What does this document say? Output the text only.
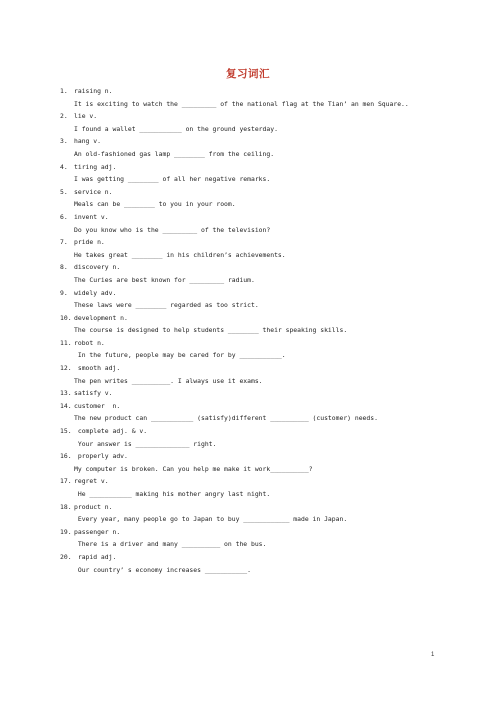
复习词汇
1. raising n.
It is exciting to watch the _________ of the national flag at the Tian’ an men Square..
2. lie v.
I found a wallet ___________ on the ground yesterday.
3. hang v.
An old-fashioned gas lamp ________ from the ceiling.
4. tiring adj.
I was getting ________ of all her negative remarks.
5. service n.
Meals can be ________ to you in your room.
6. invent v.
Do you know who is the _________ of the television?
7. pride n.
He takes great ________ in his children’s achievements.
8. discovery n.
The Curies are best known for _________ radium.
9. widely adv.
These laws were ________ regarded as too strict.
10. development n.
The course is designed to help students ________ their speaking skills.
11. robot n.
In the future, people may be cared for by ___________.
12. smooth adj.
The pen writes __________. I always use it exams.
13. satisfy v.
14. customer  n.
The new product can ___________ (satisfy)different __________ (customer) needs.
15. complete adj. & v.
Your answer is ______________ right.
16. properly adv.
My computer is broken. Can you help me make it work__________?
17. regret v.
He ___________ making his mother angry last night.
18. product n.
Every year, many people go to Japan to buy ____________ made in Japan.
19. passenger n.
There is a driver and many __________ on the bus.
20. rapid adj.
Our country’ s economy increases ___________.
1
